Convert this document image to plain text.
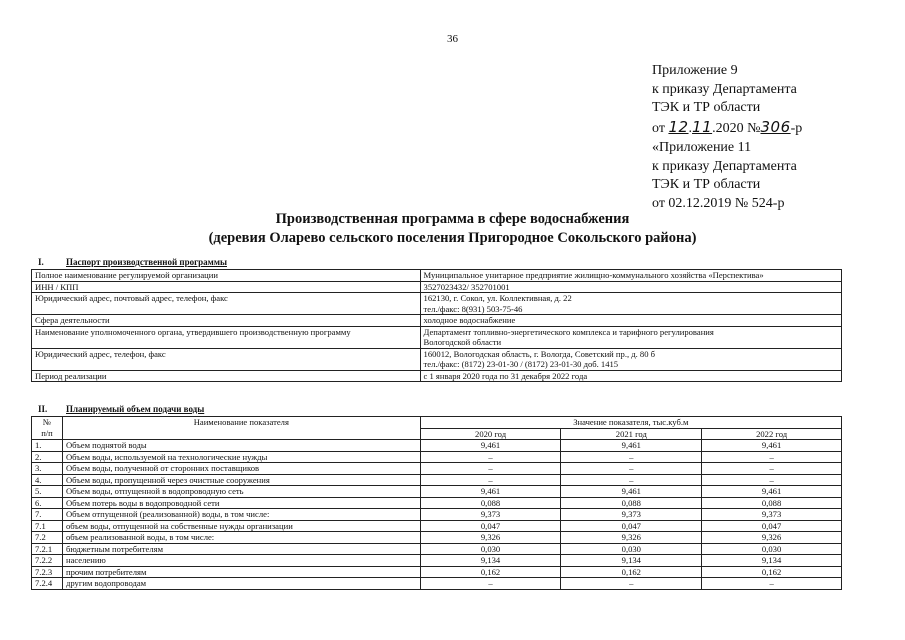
36
Приложение 9
к приказу Департамента
ТЭК и ТР области
от 12.11.2020 №306-р
«Приложение 11
к приказу Департамента
ТЭК и ТР области
от 02.12.2019 № 524-р
Производственная программа в сфере водоснабжения
(деревия Оларево сельского поселения Пригородное Сокольского района)
I. Паспорт производственной программы
Полное наименование регулируемой организации	Муниципальное унитарное предприятие жилищно-коммунального хозяйства «Перспектива»
ИНН / КПП	3527023432/ 352701001
Юридический адрес, почтовый адрес, телефон, факс	162130, г. Сокол, ул. Коллективная, д. 22
тел./факс: 8(931) 503-75-46

Сфера деятельности	холодное водоснабжение
Наименование уполномоченного органа, утвердившего производственную программу	Департамент топливно-энергетического комплекса и тарифного регулирования
Вологодской области

Юридический адрес, телефон, факс	160012, Вологодская область, г. Вологда, Советский пр., д. 80 б
тел./факс: (8172) 23-01-30 / (8172) 23-01-30 доб. 1415

Период реализации	с 1 января 2020 года по 31 декабря 2022 года
II. Планируемый объем подачи воды
№
п/п	Наименование показателя	Значение показателя, тыс.куб.м		
		2020 год	2021 год	2022 год
1.	Объем поднятой воды	9,461	9,461	9,461
2.	Объем воды, используемой на технологические нужды	–	–	–
3.	Объем воды, полученной от сторонних поставщиков	–	–	–
4.	Объем воды, пропущенной через очистные сооружения	–	–	–
5.	Объем воды, отпущенной в водопроводную сеть	9,461	9,461	9,461
6.	Объем потерь воды в водопроводной сети	0,088	0,088	0,088
7.	Объем отпущенной (реализованной) воды, в том числе:	9,373	9,373	9,373
7.1	объем воды, отпущенной на собственные нужды организации	0,047	0,047	0,047
7.2	объем реализованной воды, в том числе:	9,326	9,326	9,326
7.2.1	бюджетным потребителям	0,030	0,030	0,030
7.2.2	населению	9,134	9,134	9,134
7.2.3	прочим потребителям	0,162	0,162	0,162
7.2.4	другим водопроводам	–	–	–
